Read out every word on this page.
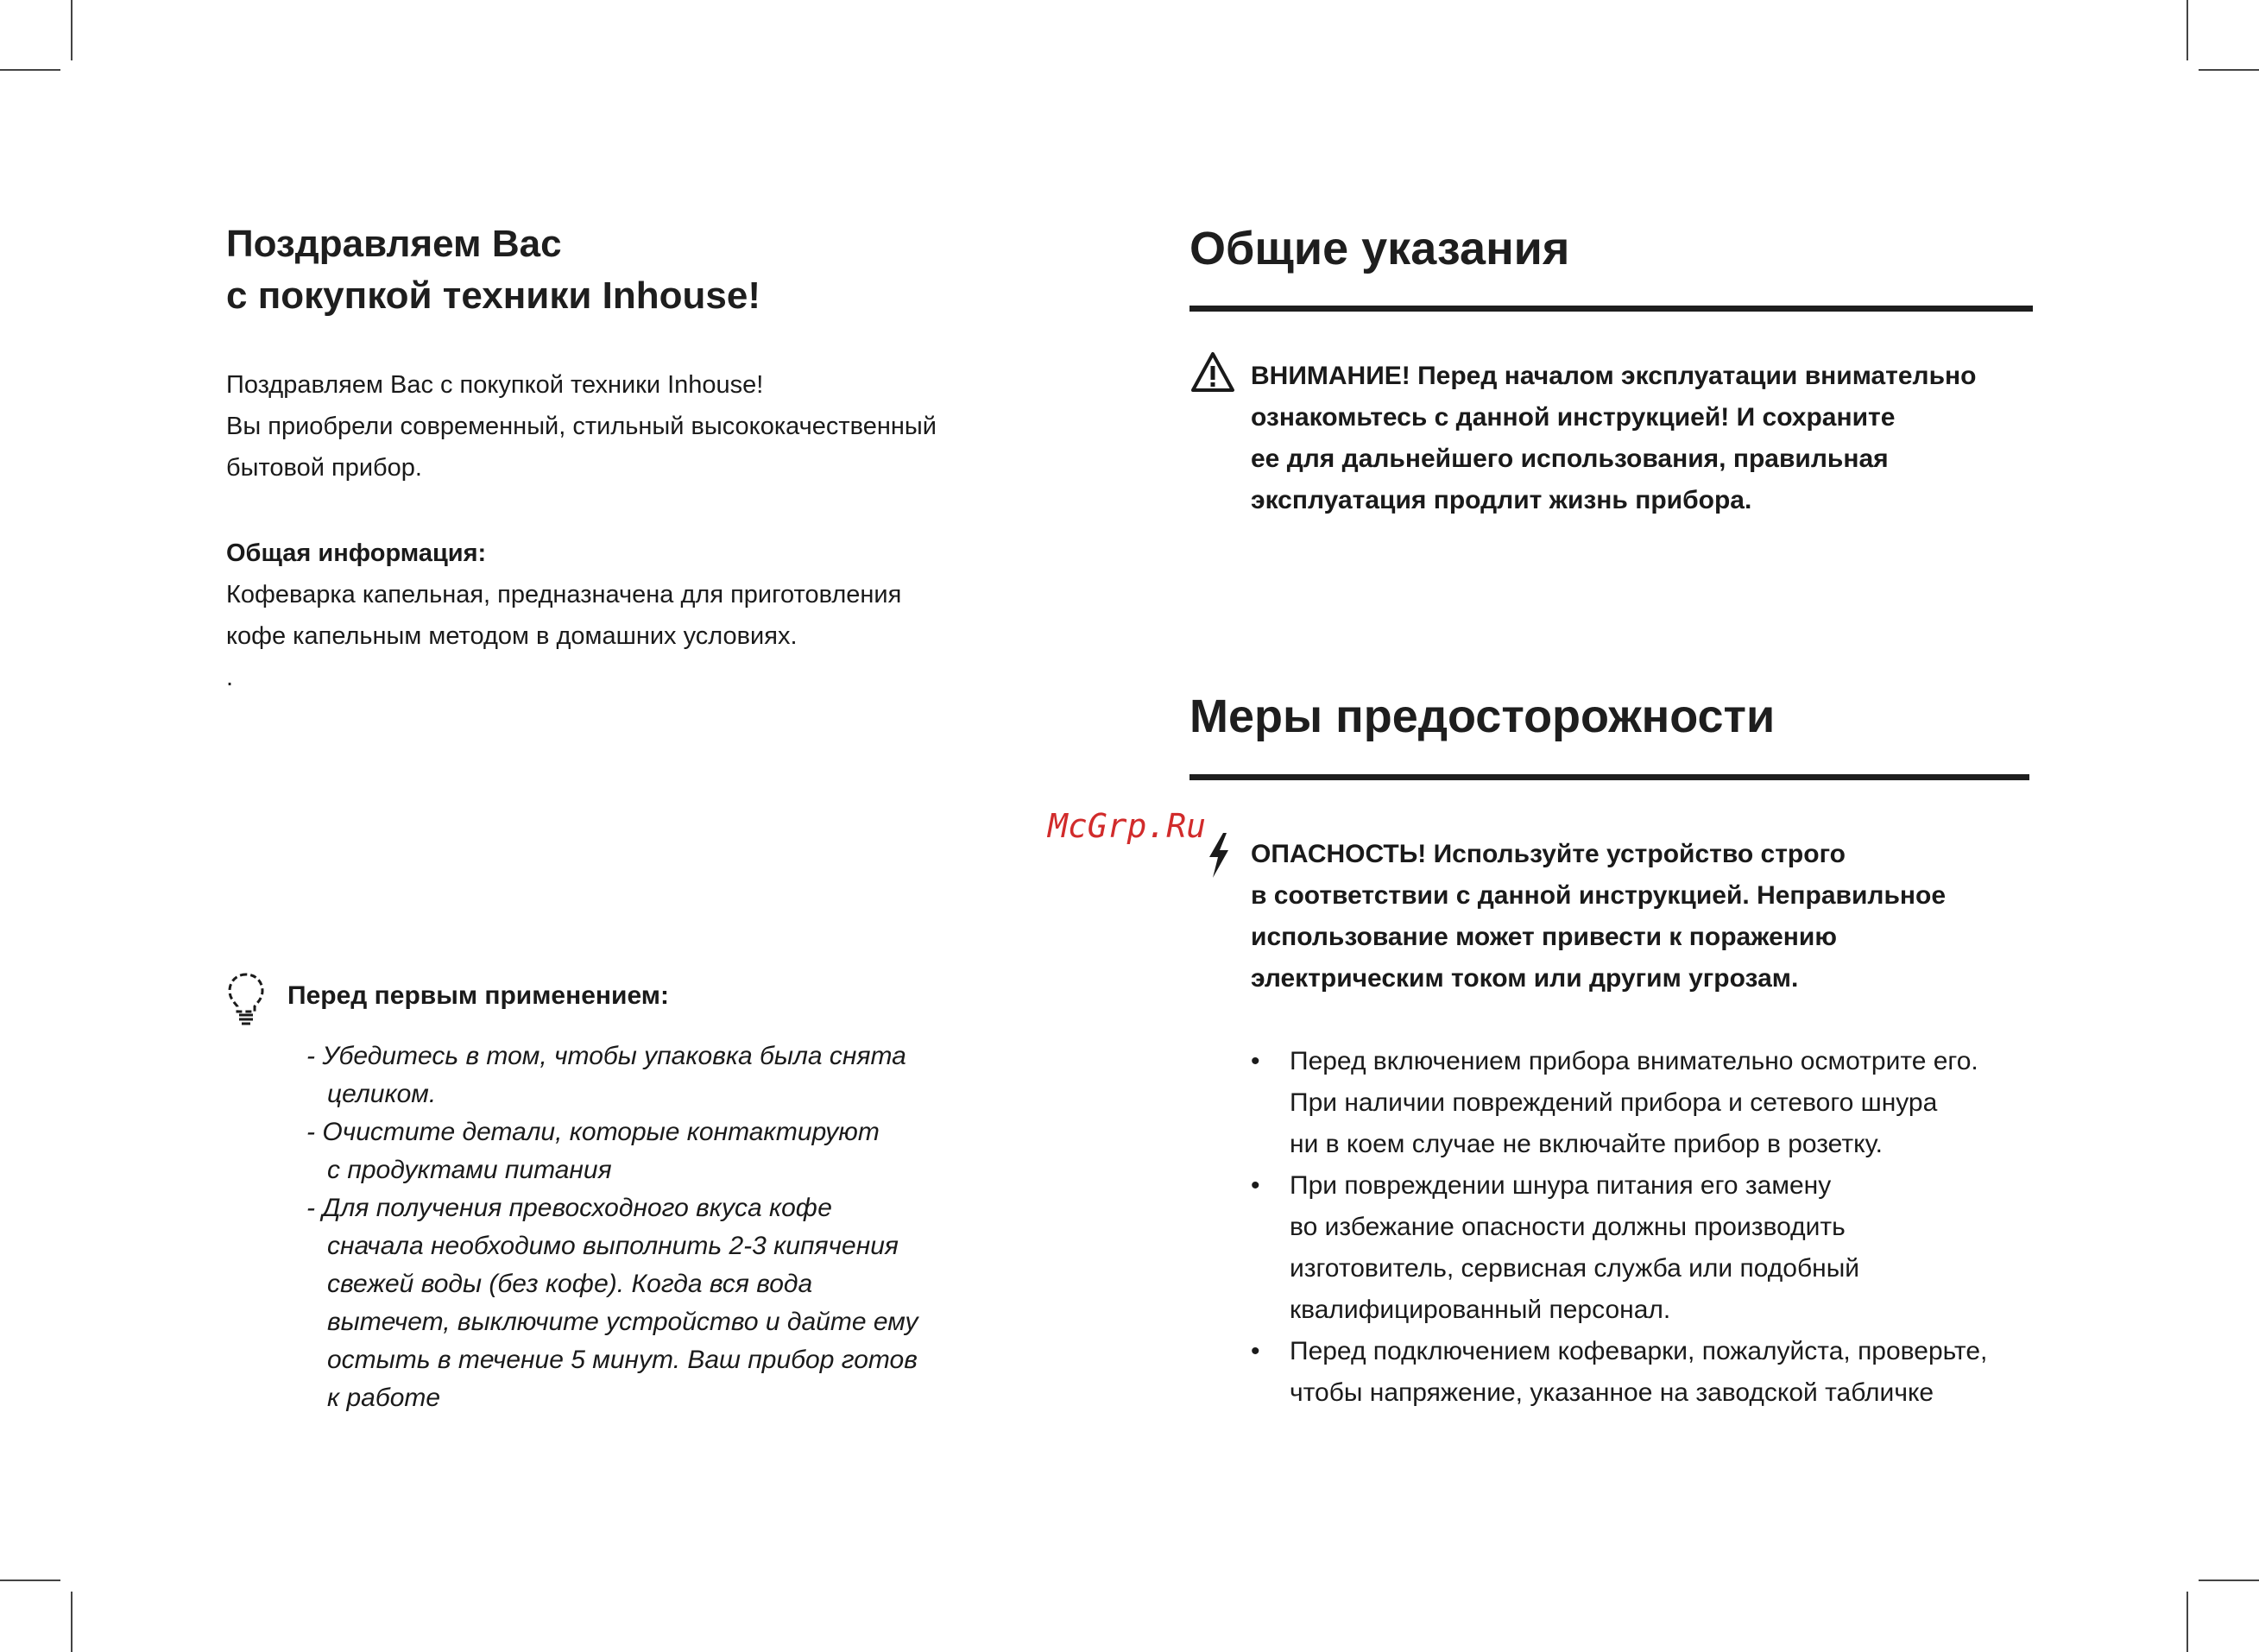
Поздравляем Вас
с покупкой техники Inhouse!
Поздравляем Вас с покупкой техники Inhouse!
Вы приобрели современный, стильный высококачественный
бытовой прибор.
Общая информация:
Кофеварка капельная, предназначена для приготовления
кофе капельным методом в домашних условиях.
.
Перед первым применением:
- Убедитесь в том, чтобы упаковка была снята
целиком.
- Очистите детали, которые контактируют
с продуктами питания
- Для получения превосходного вкуса кофе
сначала необходимо выполнить 2-3 кипячения
свежей воды (без кофе). Когда вся вода
вытечет, выключите устройство и дайте ему
остыть в течение 5 минут. Ваш прибор готов
к работе
Общие указания
ВНИМАНИЕ! Перед началом эксплуатации внимательно
ознакомьтесь с данной инструкцией! И сохраните
ее для дальнейшего использования, правильная
эксплуатация продлит жизнь прибора.
Меры предосторожности
McGrp.Ru
ОПАСНОСТЬ! Используйте устройство строго
в соответствии с данной инструкцией. Неправильное
использование может привести к поражению
электрическим током или другим угрозам.
• Перед включением прибора внимательно осмотрите его.
При наличии повреждений прибора и сетевого шнура
ни в коем случае не включайте прибор в розетку.
• При повреждении шнура питания его замену
во избежание опасности должны производить
изготовитель, сервисная служба или подобный
квалифицированный персонал.
• Перед подключением кофеварки, пожалуйста, проверьте,
чтобы напряжение, указанное на заводской табличке
